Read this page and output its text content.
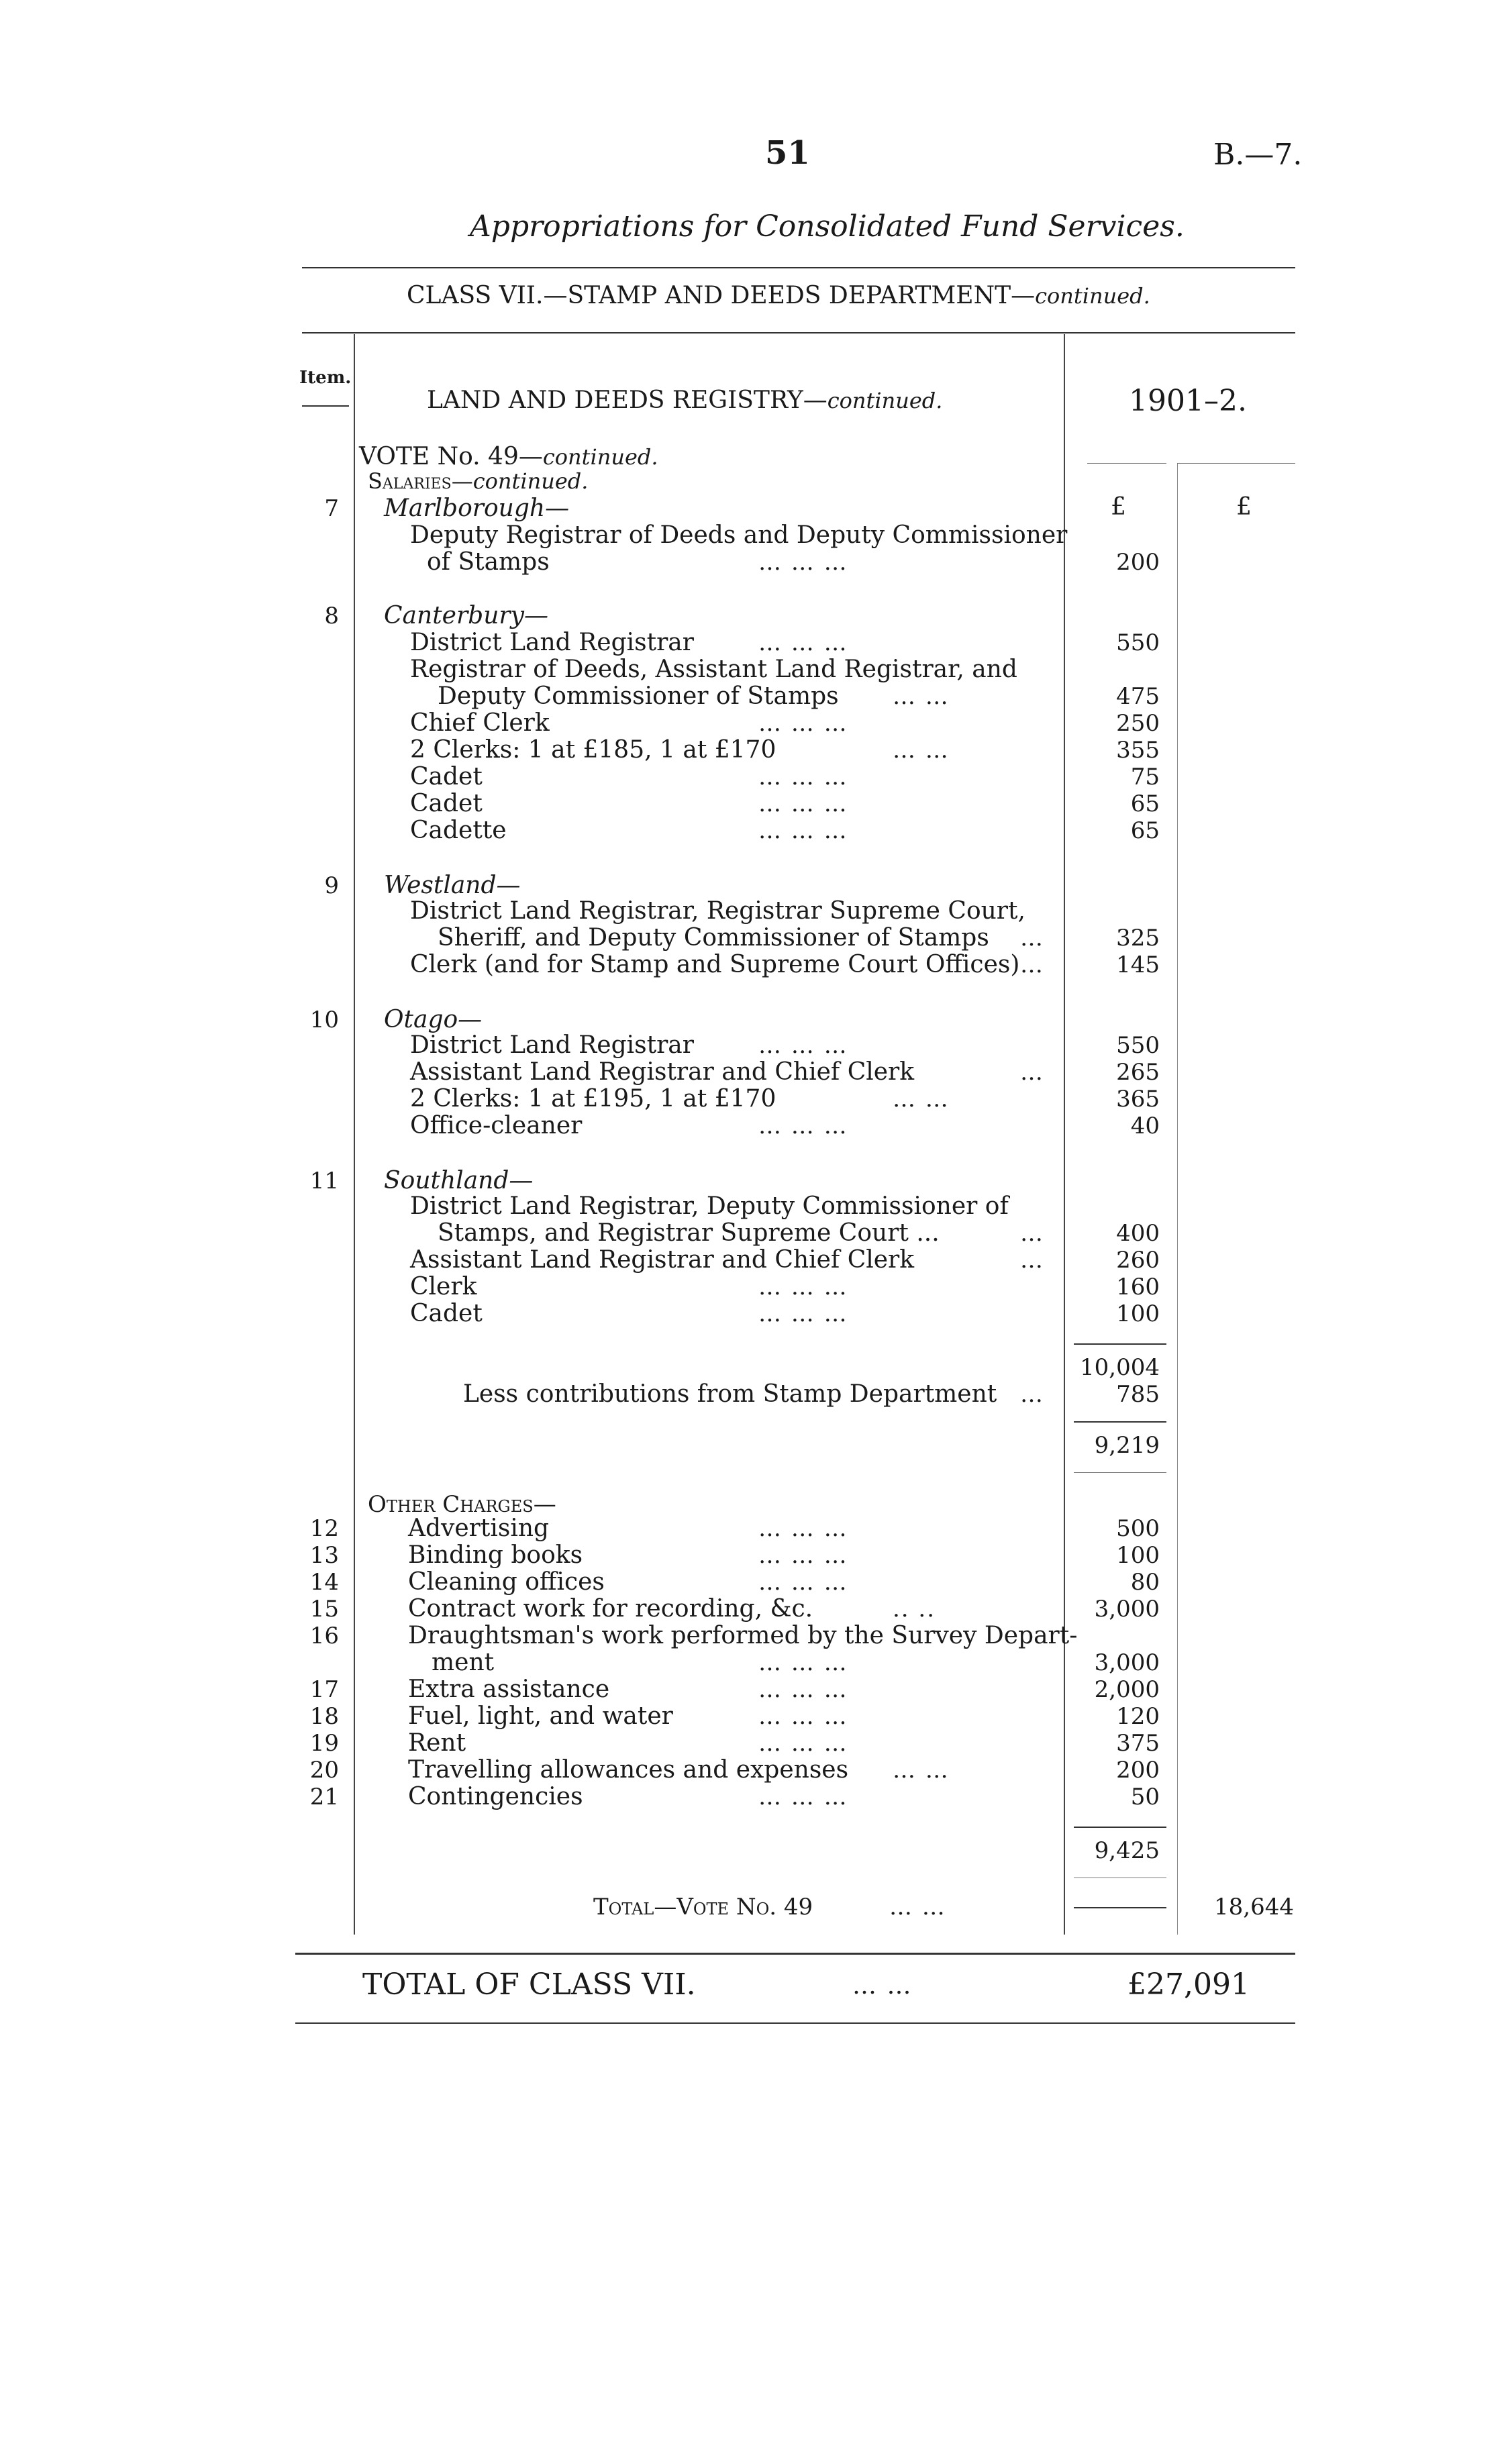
51	B.—7.
Appropriations for Consolidated Fund Services.
CLASS VII.—STAMP AND DEEDS DEPARTMENT—continued.
Item.
LAND AND DEEDS REGISTRY—continued.	1901–2.
VOTE No. 49—continued.
Salaries—continued.
£	£
7 Marlborough—
Deputy Registrar of Deeds and Deputy Commissioner
of Stamps	… … …	200
8 Canterbury—
District Land Registrar	… … …	550
Registrar of Deeds, Assistant Land Registrar, and
Deputy Commissioner of Stamps … …	475
Chief Clerk	… … …	250
2 Clerks: 1 at £185, 1 at £170	… …	355
Cadet	… … …	75
Cadet	… … …	65
Cadette	… … …	65
9 Westland—
District Land Registrar, Registrar Supreme Court,
Sheriff, and Deputy Commissioner of Stamps …	325
Clerk (and for Stamp and Supreme Court Offices) …	145
10 Otago—
District Land Registrar	… … …	550
Assistant Land Registrar and Chief Clerk	…	265
2 Clerks: 1 at £195, 1 at £170	… …	365
Office-cleaner	… … …	40
11 Southland—
District Land Registrar, Deputy Commissioner of
Stamps, and Registrar Supreme Court ...	…	400
Assistant Land Registrar and Chief Clerk	…	260
Clerk	… … …	160
Cadet	… … …	100
10,004
Less contributions from Stamp Department …	785
9,219
Other Charges—
12	Advertising	… … …	500
13	Binding books	… … …	100
14	Cleaning offices	… … …	80
15	Contract work for recording, &c.	.. ..	3,000
16	Draughtsman's work performed by the Survey Depart-
ment	… … …	3,000
17	Extra assistance	… … …	2,000
18	Fuel, light, and water	… … …	120
19	Rent	… … …	375
20	Travelling allowances and expenses … …	200
21	Contingencies	… … …	50
9,425
Total—Vote No. 49	… …	18,644
TOTAL OF CLASS VII.	… …	£27,091
